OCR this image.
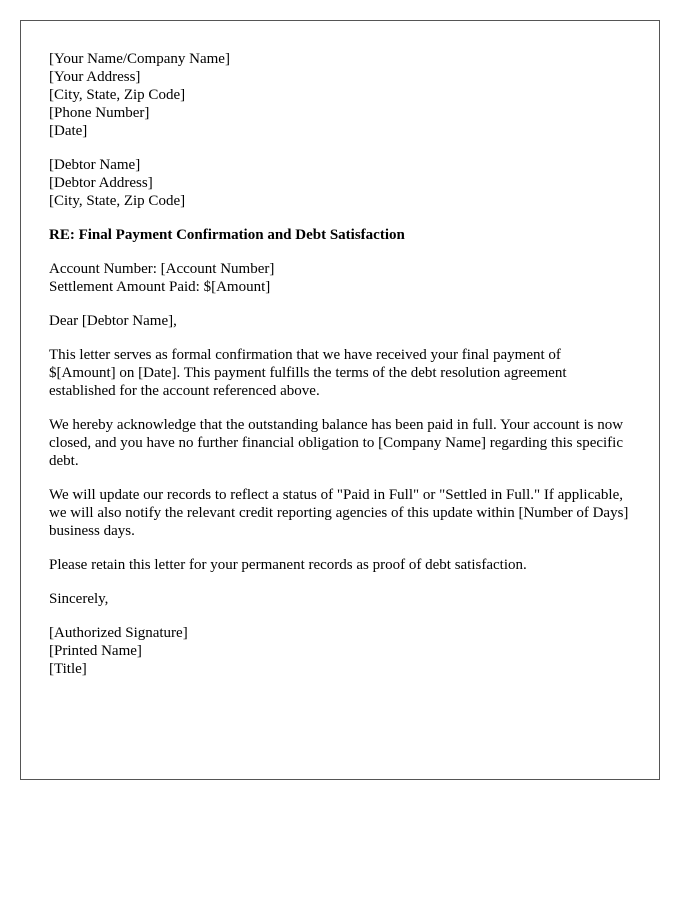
[Your Name/Company Name]
[Your Address]
[City, State, Zip Code]
[Phone Number]
[Date]
[Debtor Name]
[Debtor Address]
[City, State, Zip Code]
RE: Final Payment Confirmation and Debt Satisfaction
Account Number: [Account Number]
Settlement Amount Paid: $[Amount]

Dear [Debtor Name],

This letter serves as formal confirmation that we have received your final payment of $[Amount] on [Date]. This payment fulfills the terms of the debt resolution agreement established for the account referenced above.

We hereby acknowledge that the outstanding balance has been paid in full. Your account is now closed, and you have no further financial obligation to [Company Name] regarding this specific debt.

We will update our records to reflect a status of "Paid in Full" or "Settled in Full." If applicable, we will also notify the relevant credit reporting agencies of this update within [Number of Days] business days.

Please retain this letter for your permanent records as proof of debt satisfaction.

Sincerely,

[Authorized Signature]
[Printed Name]
[Title]
